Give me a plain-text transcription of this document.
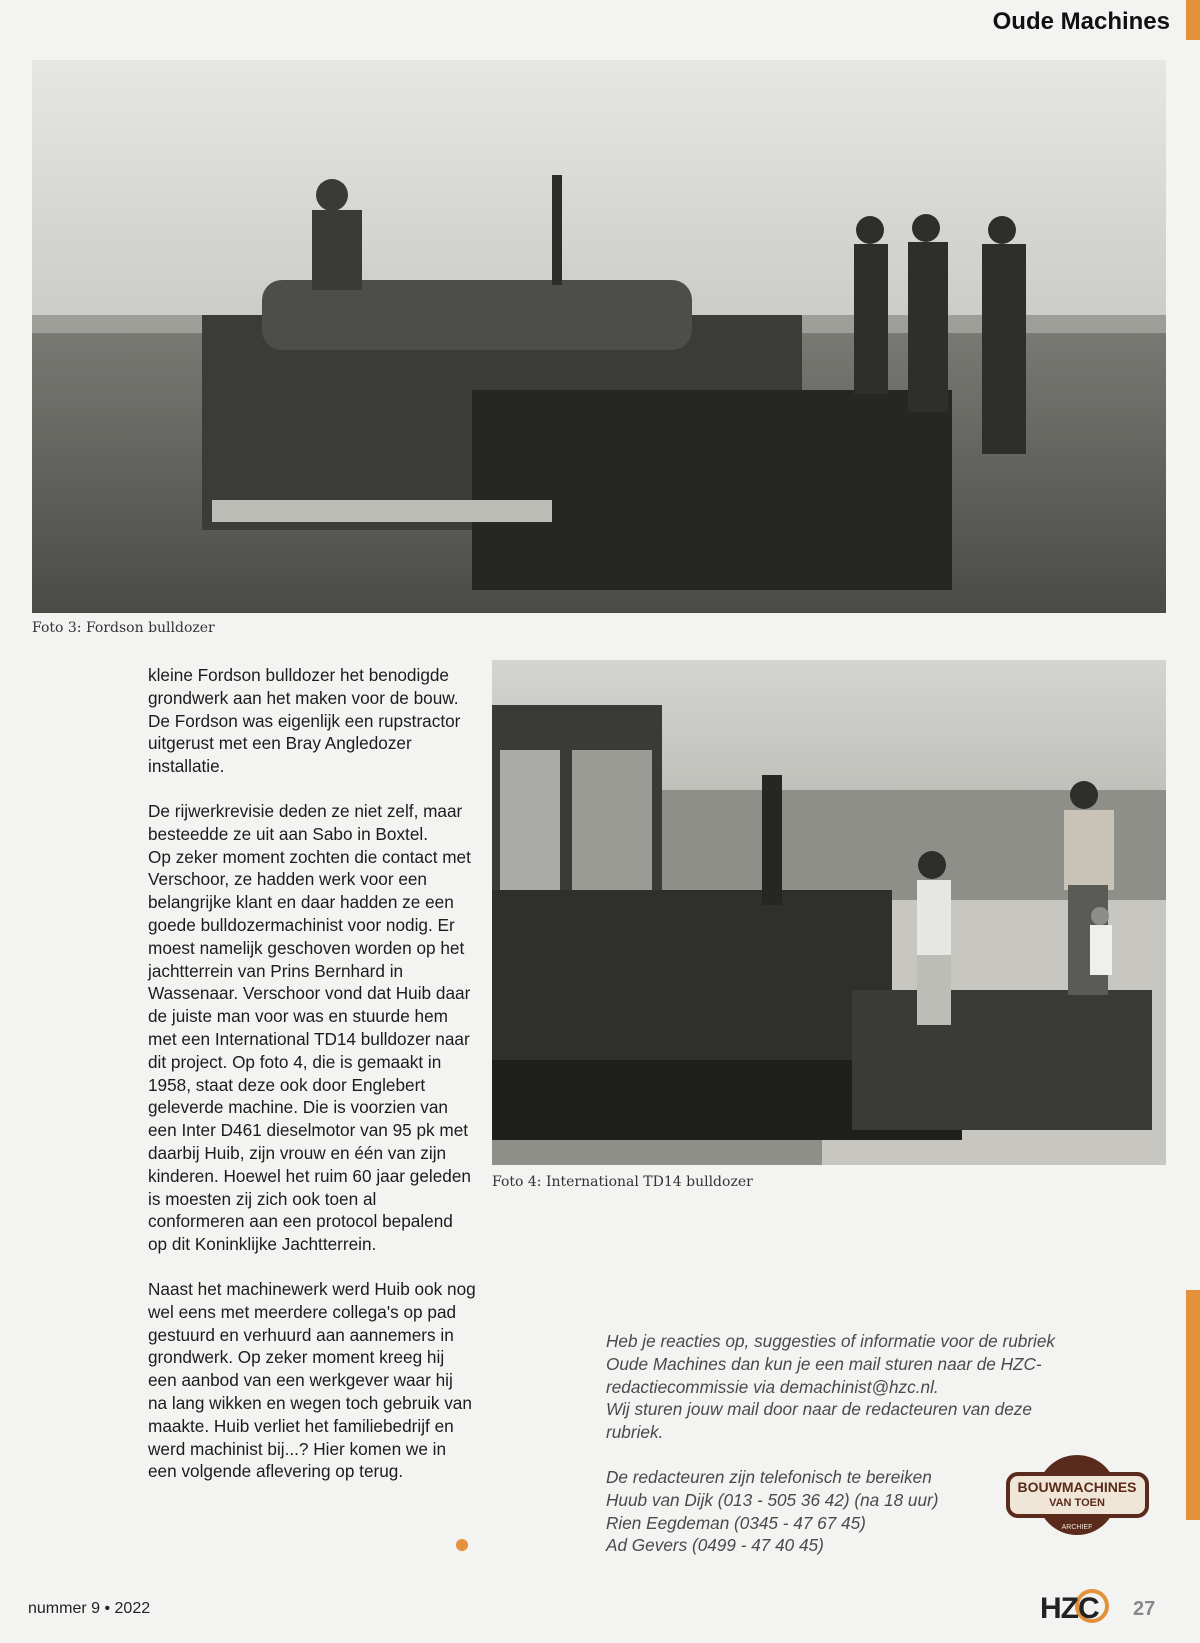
Oude Machines
Foto 3: Fordson bulldozer
Foto 4: International TD14 bulldozer

kleine Fordson bulldozer het benodigde grondwerk aan het maken voor de bouw. De Fordson was eigenlijk een rupstractor uitgerust met een Bray Angledozer installatie.

De rijwerkrevisie deden ze niet zelf, maar besteedde ze uit aan Sabo in Boxtel.
Op zeker moment zochten die contact met Verschoor, ze hadden werk voor een belangrijke klant en daar hadden ze een goede bulldozermachinist voor nodig. Er moest namelijk geschoven worden op het jachtterrein van Prins Bernhard in Wassenaar. Verschoor vond dat Huib daar de juiste man voor was en stuurde hem met een International TD14 bulldozer naar dit project. Op foto 4, die is gemaakt in 1958, staat deze ook door Englebert geleverde machine. Die is voorzien van een Inter D461 dieselmotor van 95 pk met daarbij Huib, zijn vrouw en één van zijn kinderen. Hoewel het ruim 60 jaar geleden is moesten zij zich ook toen al conformeren aan een protocol bepalend op dit Koninklijke Jachtterrein.

Naast het machinewerk werd Huib ook nog wel eens met meerdere collega's op pad gestuurd en verhuurd aan aannemers in grondwerk. Op zeker moment kreeg hij een aanbod van een werkgever waar hij na lang wikken en wegen toch gebruik van maakte. Huib verliet het familiebedrijf en werd machinist bij...? Hier komen we in een volgende aflevering op terug.

Heb je reacties op, suggesties of informatie voor de rubriek Oude Machines dan kun je een mail sturen naar de HZC-redactiecommissie via demachinist@hzc.nl.
Wij sturen jouw mail door naar de redacteuren van deze rubriek.

De redacteuren zijn telefonisch te bereiken
Huub van Dijk (013 - 505 36 42) (na 18 uur)
Rien Eegdeman (0345 - 47 67 45)
Ad Gevers (0499 - 47 40 45)
BOUWMACHINES
VAN TOEN
ARCHIEF
nummer 9 • 2022	HZC 27
